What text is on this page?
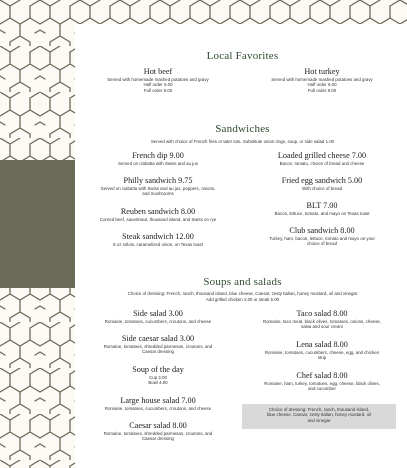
Local Favorites
Hot beef
Served with homemade mashed potatoes and gravy
Half order 6.00
Full order 8.00
Hot turkey
Served with homemade mashed potatoes and gravy
Half order 6.00
Full order 8.00
Sandwiches
Served with choice of French fries or tater tots. Substitute onion rings, soup, or side salad 1.00
French dip 9.00
Served on ciabatta with Swiss and au jus
Philly sandwich 9.75
Served on ciabatta with Swiss and au jus, peppers, onions,
and mushrooms
Reuben sandwich 8.00
Corned beef, sauerkraut, thousand island, and Swiss on rye
Steak sandwich 12.00
8 oz sirloin, caramelized onion, on Texas toast
Loaded grilled cheese 7.00
Bacon, tomato, choice of bread and cheese
Fried egg sandwich 5.00
With choice of bread
BLT 7.00
Bacon, lettuce, tomato, and mayo on Texas toast
Club sandwich 8.00
Turkey, ham, bacon, lettuce, tomato and mayo on your
choice of bread
Soups and salads
Choice of dressing: French, ranch, thousand island, blue cheese, Caesar, zesty Italian, honey mustard, oil and vinegar
Add grilled chicken 2.00 or steak 5.00
Side salad 3.00
Romaine, tomatoes, cucumbers, croutons, and cheese
Side caesar salad 3.00
Romaine, tomatoes, shredded parmesan, croutons, and
Caesar dressing
Soup of the day
Cup 2.00
Bowl 4.00
Large house salad 7.00
Romaine, tomatoes, cucumbers, croutons, and cheese
Caesar salad 8.00
Romaine, tomatoes, shredded parmesan, croutons, and
Caesar dressing
Taco salad 8.00
Romaine, taco meat, black olives, tomatoes, onions, cheese,
salsa and sour cream
Lena salad 8.00
Romaine, tomatoes, cucumbers, cheese, egg, and chicken
strip
Chef salad 8.00
Romaine, ham, turkey, tomatoes, egg, cheese, black olives,
and cucumber
Choice of dressing: French, ranch, thousand island,
blue cheese, Caesar, zesty Italian, honey mustard, oil
and vinegar
